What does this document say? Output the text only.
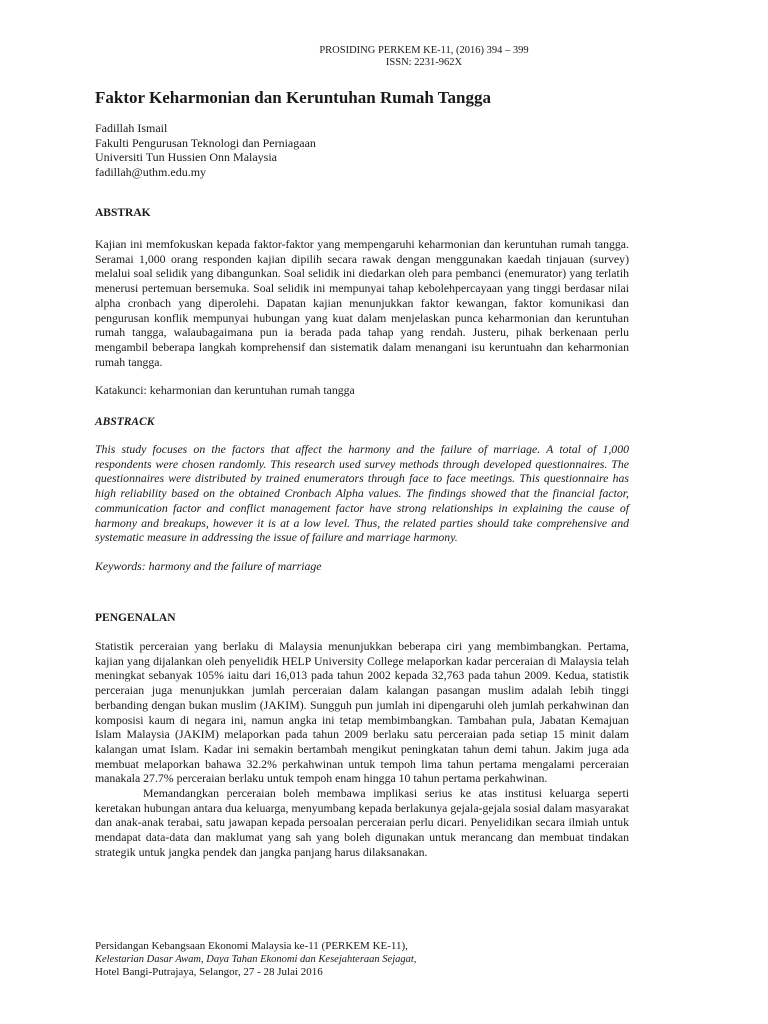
PROSIDING PERKEM KE-11, (2016) 394 – 399
ISSN: 2231-962X
Faktor Keharmonian dan Keruntuhan Rumah Tangga
Fadillah Ismail
Fakulti Pengurusan Teknologi dan Perniagaan
Universiti Tun Hussien Onn Malaysia
fadillah@uthm.edu.my
ABSTRAK

Kajian ini memfokuskan kepada faktor-faktor yang mempengaruhi keharmonian dan keruntuhan rumah tangga. Seramai 1,000 orang responden kajian dipilih secara rawak dengan menggunakan kaedah tinjauan (survey) melalui soal selidik yang dibangunkan. Soal selidik ini diedarkan oleh para pembanci (enemurator) yang terlatih menerusi pertemuan bersemuka. Soal selidik ini mempunyai tahap kebolehpercayaan yang tinggi berdasar nilai alpha cronbach yang diperolehi. Dapatan kajian menunjukkan faktor kewangan, faktor komunikasi dan pengurusan konflik mempunyai hubungan yang kuat dalam menjelaskan punca keharmonian dan keruntuhan rumah tangga, walaubagaimana pun ia berada pada tahap yang rendah. Justeru, pihak berkenaan perlu mengambil beberapa langkah komprehensif dan sistematik dalam menangani isu keruntuahn dan keharmonian rumah tangga.

Katakunci: keharmonian dan keruntuhan rumah tangga

ABSTRACK

This study focuses on the factors that affect the harmony and the failure of marriage. A total of 1,000 respondents were chosen randomly. This research used survey methods through developed questionnaires. The questionnaires were distributed by trained enumerators through face to face meetings. This questionnaire has high reliability based on the obtained Cronbach Alpha values. The findings showed that the financial factor, communication factor and conflict management factor have strong relationships in explaining the cause of harmony and breakups, however it is at a low level. Thus, the related parties should take comprehensive and systematic measure in addressing the issue of failure and marriage harmony.

Keywords: harmony and the failure of marriage

PENGENALAN

Statistik perceraian yang berlaku di Malaysia menunjukkan beberapa ciri yang membimbangkan. Pertama, kajian yang dijalankan oleh penyelidik HELP University College melaporkan kadar perceraian di Malaysia telah meningkat sebanyak 105% iaitu dari 16,013 pada tahun 2002 kepada 32,763 pada tahun 2009. Kedua, statistik perceraian juga menunjukkan jumlah perceraian dalam kalangan pasangan muslim adalah lebih tinggi berbanding dengan bukan muslim (JAKIM). Sungguh pun jumlah ini dipengaruhi oleh jumlah perkahwinan dan komposisi kaum di negara ini, namun angka ini tetap membimbangkan. Tambahan pula, Jabatan Kemajuan Islam Malaysia (JAKIM) melaporkan pada tahun 2009 berlaku satu perceraian pada setiap 15 minit dalam kalangan umat Islam. Kadar ini semakin bertambah mengikut peningkatan tahun demi tahun. Jakim juga ada membuat melaporkan bahawa 32.2% perkahwinan untuk tempoh lima tahun pertama mengalami perceraian manakala 27.7% perceraian berlaku untuk tempoh enam hingga 10 tahun pertama perkahwinan.

Memandangkan perceraian boleh membawa implikasi serius ke atas institusi keluarga seperti keretakan hubungan antara dua keluarga, menyumbang kepada berlakunya gejala-gejala sosial dalam masyarakat dan anak-anak terabai, satu jawapan kepada persoalan perceraian perlu dicari. Penyelidikan secara ilmiah untuk mendapat data-data dan maklumat yang sah yang boleh digunakan untuk merancang dan membuat tindakan strategik untuk jangka pendek dan jangka panjang harus dilaksanakan.

Persidangan Kebangsaan Ekonomi Malaysia ke-11 (PERKEM KE-11),
Kelestarian Dasar Awam, Daya Tahan Ekonomi dan Kesejahteraan Sejagat,
Hotel Bangi-Putrajaya, Selangor, 27 - 28 Julai 2016
